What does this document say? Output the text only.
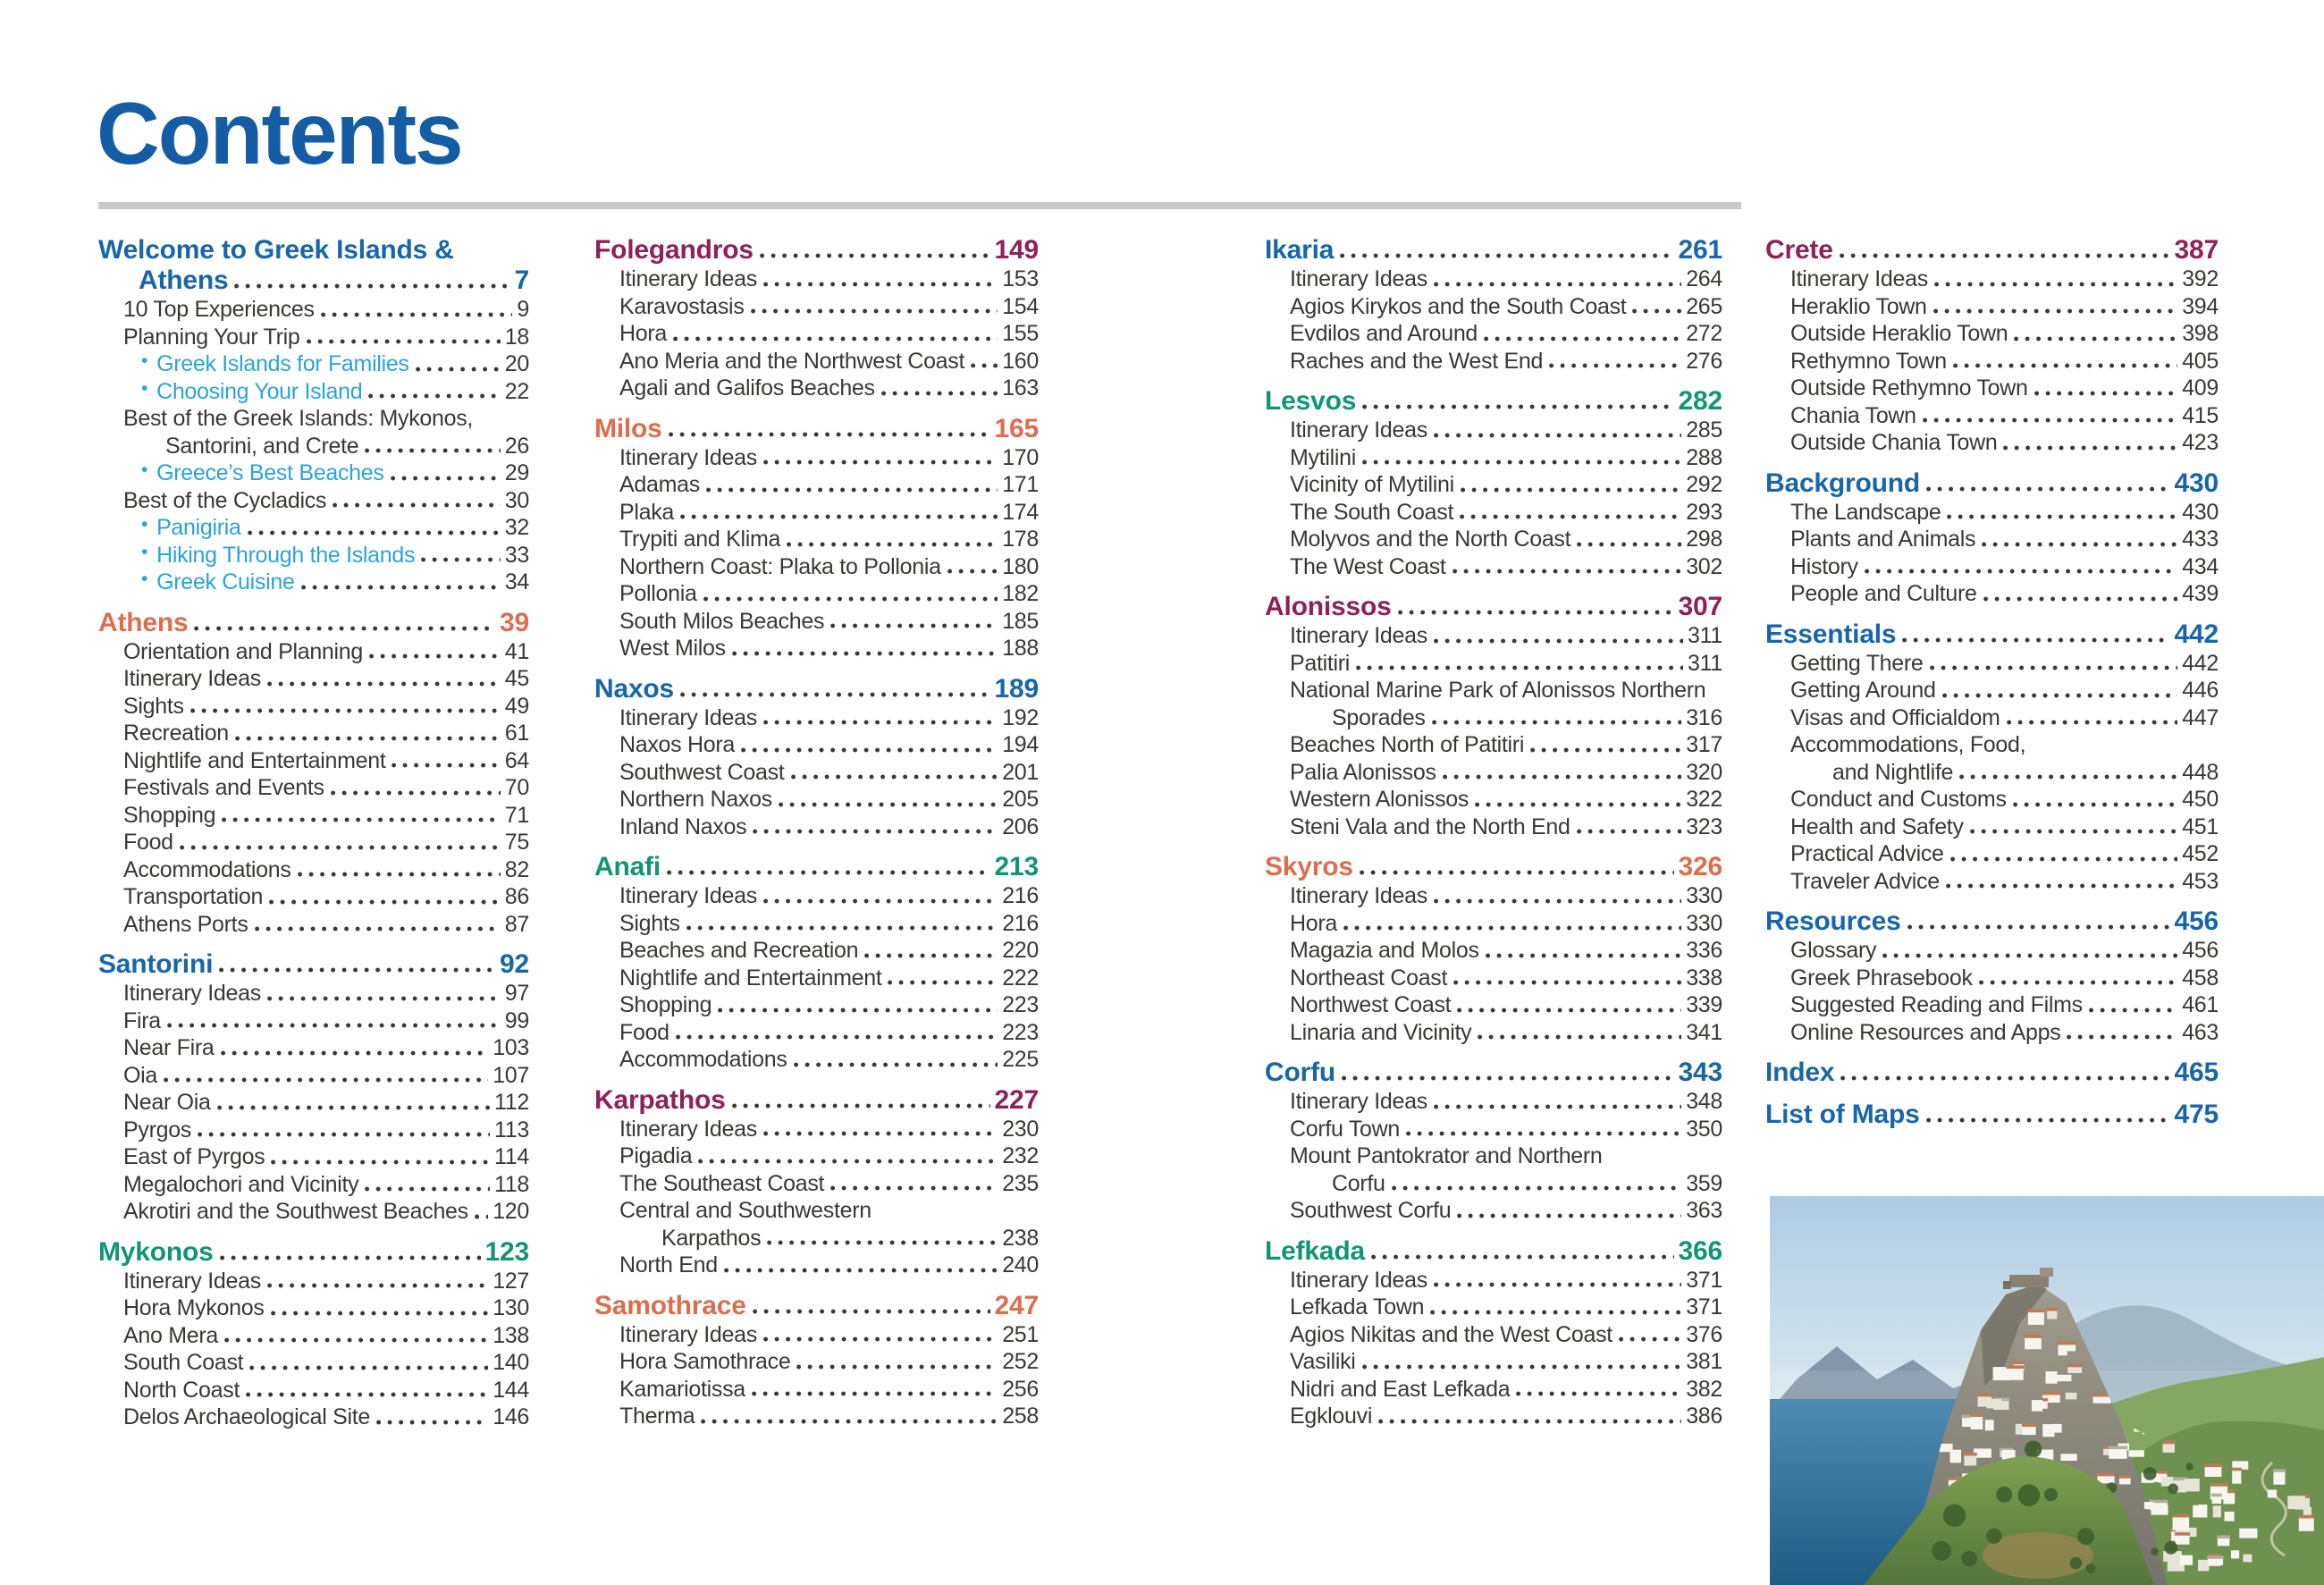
Contents
Welcome to Greek Islands &
Athens	7
10 Top Experiences	9
Planning Your Trip	18
• Greek Islands for Families	20
• Choosing Your Island	22
Best of the Greek Islands: Mykonos,
Santorini, and Crete	26
• Greece’s Best Beaches	29
Best of the Cycladics	30
• Panigiria	32
• Hiking Through the Islands	33
• Greek Cuisine	34
Athens	39
Orientation and Planning	41
Itinerary Ideas	45
Sights	49
Recreation	61
Nightlife and Entertainment	64
Festivals and Events	70
Shopping	71
Food	75
Accommodations	82
Transportation	86
Athens Ports	87
Santorini	92
Itinerary Ideas	97
Fira	99
Near Fira	103
Oia	107
Near Oia	112
Pyrgos	113
East of Pyrgos	114
Megalochori and Vicinity	118
Akrotiri and the Southwest Beaches 120
Mykonos	123
Itinerary Ideas	127
Hora Mykonos	130
Ano Mera	138
South Coast	140
North Coast	144
Delos Archaeological Site	146
Folegandros	149
Itinerary Ideas	153
Karavostasis	154
Hora	155
Ano Meria and the Northwest Coast 160
Agali and Galifos Beaches	163
Milos	165
Itinerary Ideas	170
Adamas	171
Plaka	174
Trypiti and Klima	178
Northern Coast: Plaka to Pollonia	180
Pollonia	182
South Milos Beaches	185
West Milos	188
Naxos	189
Itinerary Ideas	192
Naxos Hora	194
Southwest Coast	201
Northern Naxos	205
Inland Naxos	206
Anafi	213
Itinerary Ideas	216
Sights	216
Beaches and Recreation	220
Nightlife and Entertainment	222
Shopping	223
Food	223
Accommodations	225
Karpathos	227
Itinerary Ideas	230
Pigadia	232
The Southeast Coast	235
Central and Southwestern
Karpathos	238
North End	240
Samothrace	247
Itinerary Ideas	251
Hora Samothrace	252
Kamariotissa	256
Therma	258
Ikaria	261
Itinerary Ideas	264
Agios Kirykos and the South Coast	265
Evdilos and Around	272
Raches and the West End	276
Lesvos	282
Itinerary Ideas	285
Mytilini	288
Vicinity of Mytilini	292
The South Coast	293
Molyvos and the North Coast	298
The West Coast	302
Alonissos	307
Itinerary Ideas	311
Patitiri	311
National Marine Park of Alonissos Northern
Sporades	316
Beaches North of Patitiri	317
Palia Alonissos	320
Western Alonissos	322
Steni Vala and the North End	323
Skyros	326
Itinerary Ideas	330
Hora	330
Magazia and Molos	336
Northeast Coast	338
Northwest Coast	339
Linaria and Vicinity	341
Corfu	343
Itinerary Ideas	348
Corfu Town	350
Mount Pantokrator and Northern
Corfu	359
Southwest Corfu	363
Lefkada	366
Itinerary Ideas	371
Lefkada Town	371
Agios Nikitas and the West Coast	376
Vasiliki	381
Nidri and East Lefkada	382
Egklouvi	386
Crete	387
Itinerary Ideas	392
Heraklio Town	394
Outside Heraklio Town	398
Rethymno Town	405
Outside Rethymno Town	409
Chania Town	415
Outside Chania Town	423
Background	430
The Landscape	430
Plants and Animals	433
History	434
People and Culture	439
Essentials	442
Getting There	442
Getting Around	446
Visas and Officialdom	447
Accommodations, Food,
and Nightlife	448
Conduct and Customs	450
Health and Safety	451
Practical Advice	452
Traveler Advice	453
Resources	456
Glossary	456
Greek Phrasebook	458
Suggested Reading and Films	461
Online Resources and Apps	463
Index	465
List of Maps	475
